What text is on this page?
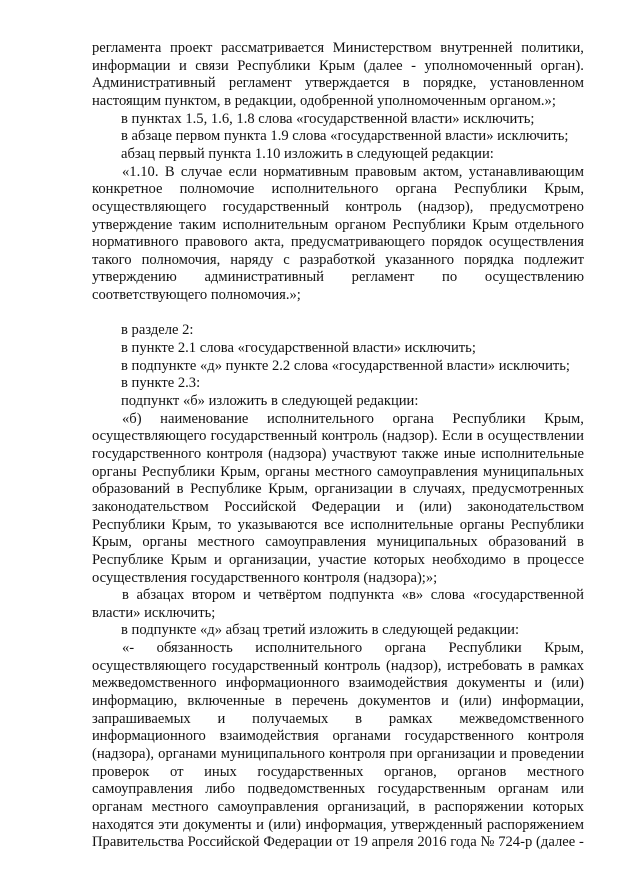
регламента проект рассматривается Министерством внутренней политики,
информации и связи Республики Крым (далее - уполномоченный орган).
Административный регламент утверждается в порядке, установленном
настоящим пунктом, в редакции, одобренной уполномоченным органом.»;
в пунктах 1.5, 1.6, 1.8 слова «государственной власти» исключить;
в абзаце первом пункта 1.9 слова «государственной власти» исключить;
абзац первый пункта 1.10 изложить в следующей редакции:
«1.10. В случае если нормативным правовым актом, устанавливающим
конкретное полномочие исполнительного органа Республики Крым,
осуществляющего государственный контроль (надзор), предусмотрено
утверждение таким исполнительным органом Республики Крым отдельного
нормативного правового акта, предусматривающего порядок осуществления
такого полномочия, наряду с разработкой указанного порядка подлежит
утверждению административный регламент по осуществлению
соответствующего полномочия.»;
в разделе 2:
в пункте 2.1 слова «государственной власти» исключить;
в подпункте «д» пункте 2.2 слова «государственной власти» исключить;
в пункте 2.3:
подпункт «б» изложить в следующей редакции:
«б) наименование исполнительного органа Республики Крым,
осуществляющего государственный контроль (надзор). Если в осуществлении
государственного контроля (надзора) участвуют также иные исполнительные
органы Республики Крым, органы местного самоуправления муниципальных
образований в Республике Крым, организации в случаях, предусмотренных
законодательством Российской Федерации и (или) законодательством
Республики Крым, то указываются все исполнительные органы Республики
Крым, органы местного самоуправления муниципальных образований в
Республике Крым и организации, участие которых необходимо в процессе
осуществления государственного контроля (надзора);»;
в абзацах втором и четвёртом подпункта «в» слова «государственной
власти» исключить;
в подпункте «д» абзац третий изложить в следующей редакции:
«- обязанность исполнительного органа Республики Крым,
осуществляющего государственный контроль (надзор), истребовать в рамках
межведомственного информационного взаимодействия документы и (или)
информацию, включенные в перечень документов и (или) информации,
запрашиваемых и получаемых в рамках межведомственного
информационного взаимодействия органами государственного контроля
(надзора), органами муниципального контроля при организации и проведении
проверок от иных государственных органов, органов местного
самоуправления либо подведомственных государственным органам или
органам местного самоуправления организаций, в распоряжении которых
находятся эти документы и (или) информация, утвержденный распоряжением
Правительства Российской Федерации от 19 апреля 2016 года № 724-р (далее -
